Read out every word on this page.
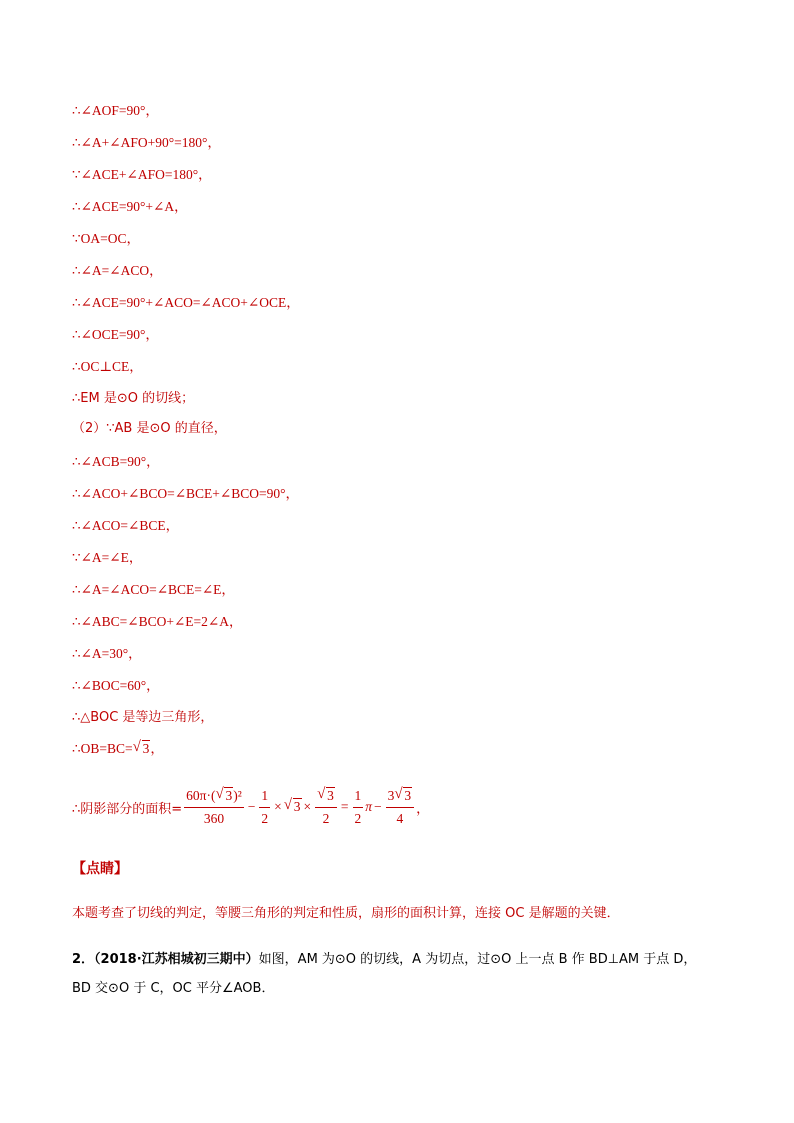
∴∠AOF=90°，
∴∠A+∠AFO+90°=180°，
∵∠ACE+∠AFO=180°，
∴∠ACE=90°+∠A，
∵OA=OC，
∴∠A=∠ACO，
∴∠ACE=90°+∠ACO=∠ACO+∠OCE，
∴∠OCE=90°，
∴OC⊥CE，
∴EM 是⊙O 的切线；
（2）∵AB 是⊙O 的直径，
∴∠ACB=90°，
∴∠ACO+∠BCO=∠BCE+∠BCO=90°，
∴∠ACO=∠BCE，
∵∠A=∠E，
∴∠A=∠ACO=∠BCE=∠E，
∴∠ABC=∠BCO+∠E=2∠A，
∴∠A=30°，
∴∠BOC=60°，
∴△BOC 是等边三角形，
∴OB=BC= √ 3，
∴阴影部分的面积= $\frac{\text{60π·( √ 3)²}}{360} - \frac{1}{2}$ × √ $3 \times \frac{√ 3}{2} = \frac{1}{2}$ $\pi - \frac{3 √ 3}{4}$ ，
【点睛】
本题考查了切线的判定，等腰三角形的判定和性质，扇形的面积计算，连接 OC 是解题的关键．
2．（2018·江苏相城初三期中）如图，AM 为⊙O 的切线，A 为切点，过⊙O 上一点 B 作 BD⊥AM 于点 D，
BD 交⊙O 于 C，OC 平分∠AOB．
